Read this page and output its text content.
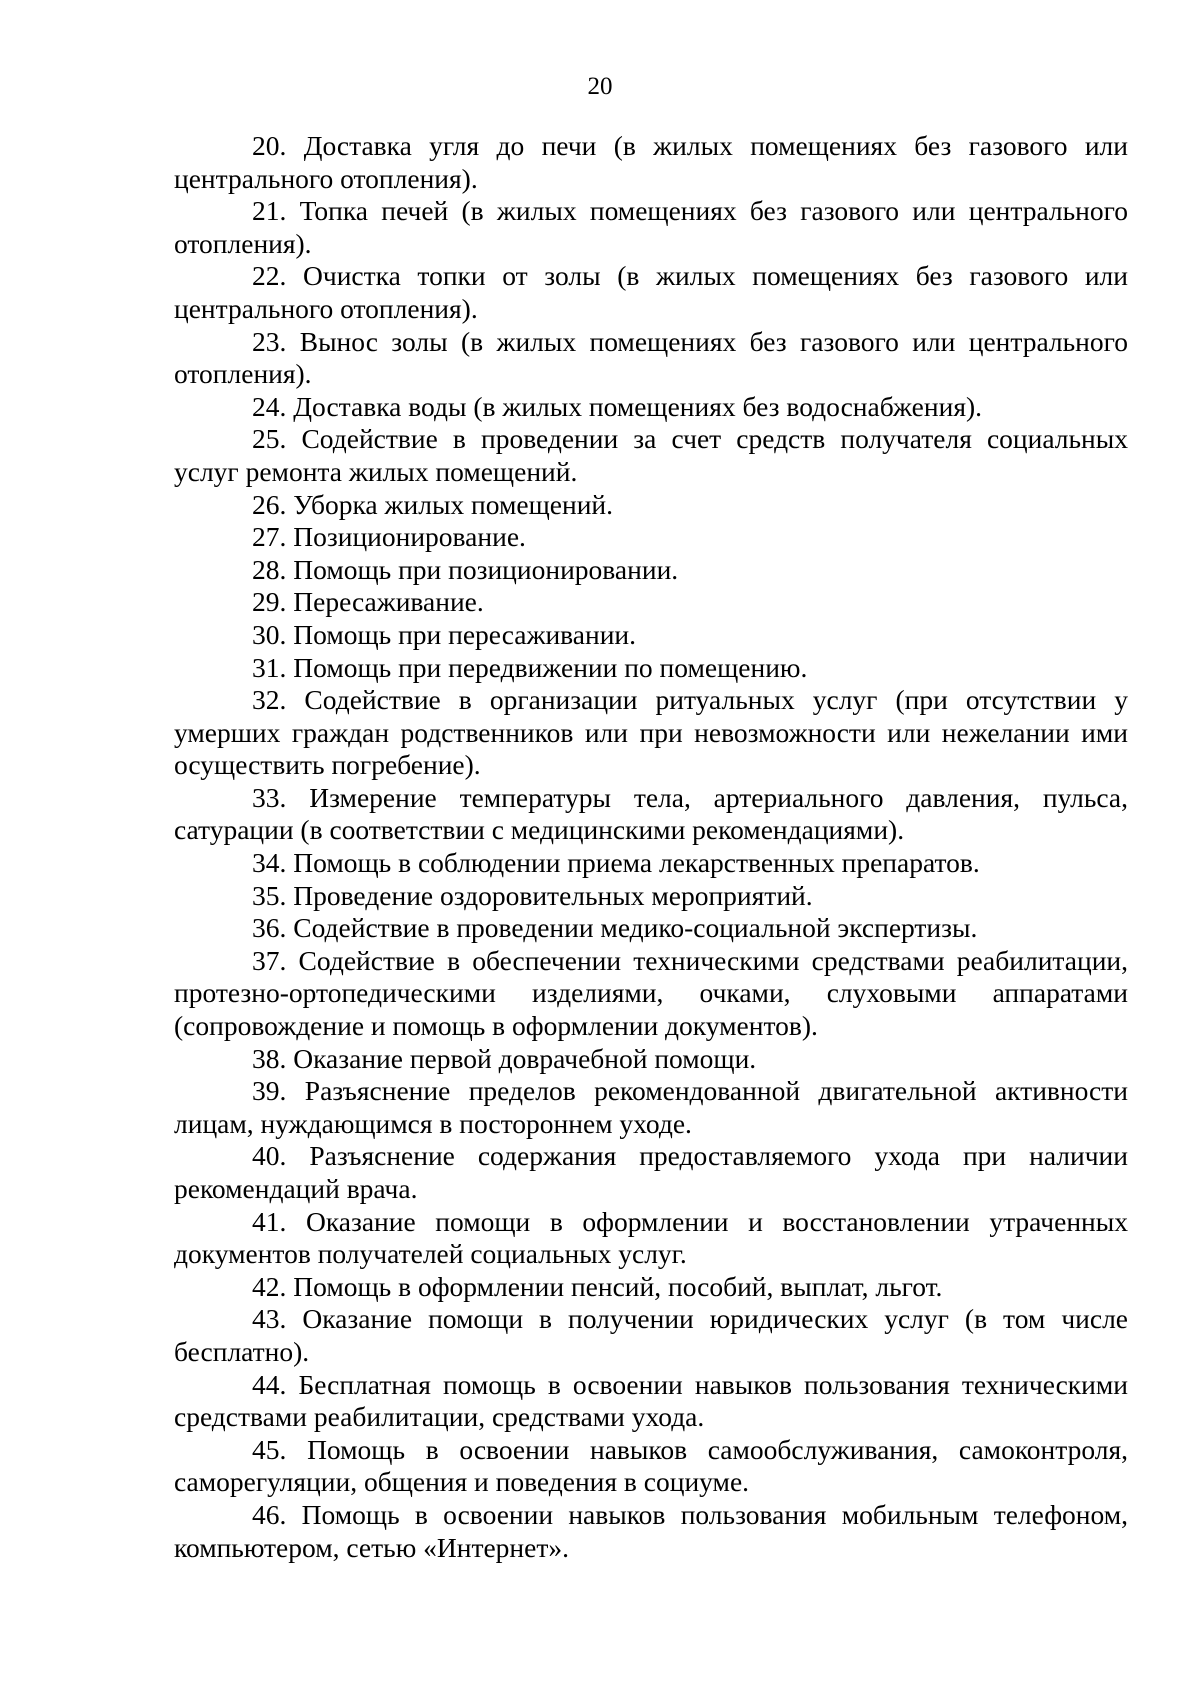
20

20. Доставка угля до печи (в жилых помещениях без газового или центрального отопления).

21. Топка печей (в жилых помещениях без газового или центрального отопления).

22. Очистка топки от золы (в жилых помещениях без газового или центрального отопления).

23. Вынос золы (в жилых помещениях без газового или центрального отопления).

24. Доставка воды (в жилых помещениях без водоснабжения).

25. Содействие в проведении за счет средств получателя социальных услуг ремонта жилых помещений.

26. Уборка жилых помещений.

27. Позиционирование.

28. Помощь при позиционировании.

29. Пересаживание.

30. Помощь при пересаживании.

31. Помощь при передвижении по помещению.

32. Содействие в организации ритуальных услуг (при отсутствии у умерших граждан родственников или при невозможности или нежелании ими осуществить погребение).

33. Измерение температуры тела, артериального давления, пульса, сатурации (в соответствии с медицинскими рекомендациями).

34. Помощь в соблюдении приема лекарственных препаратов.

35. Проведение оздоровительных мероприятий.

36. Содействие в проведении медико-социальной экспертизы.

37. Содействие в обеспечении техническими средствами реабилитации, протезно-ортопедическими изделиями, очками, слуховыми аппаратами (сопровождение и помощь в оформлении документов).

38. Оказание первой доврачебной помощи.

39. Разъяснение пределов рекомендованной двигательной активности лицам, нуждающимся в постороннем уходе.

40. Разъяснение содержания предоставляемого ухода при наличии рекомендаций врача.

41. Оказание помощи в оформлении и восстановлении утраченных документов получателей социальных услуг.

42. Помощь в оформлении пенсий, пособий, выплат, льгот.

43. Оказание помощи в получении юридических услуг (в том числе бесплатно).

44. Бесплатная помощь в освоении навыков пользования техническими средствами реабилитации, средствами ухода.

45. Помощь в освоении навыков самообслуживания, самоконтроля, саморегуляции, общения и поведения в социуме.

46. Помощь в освоении навыков пользования мобильным телефоном, компьютером, сетью «Интернет».
